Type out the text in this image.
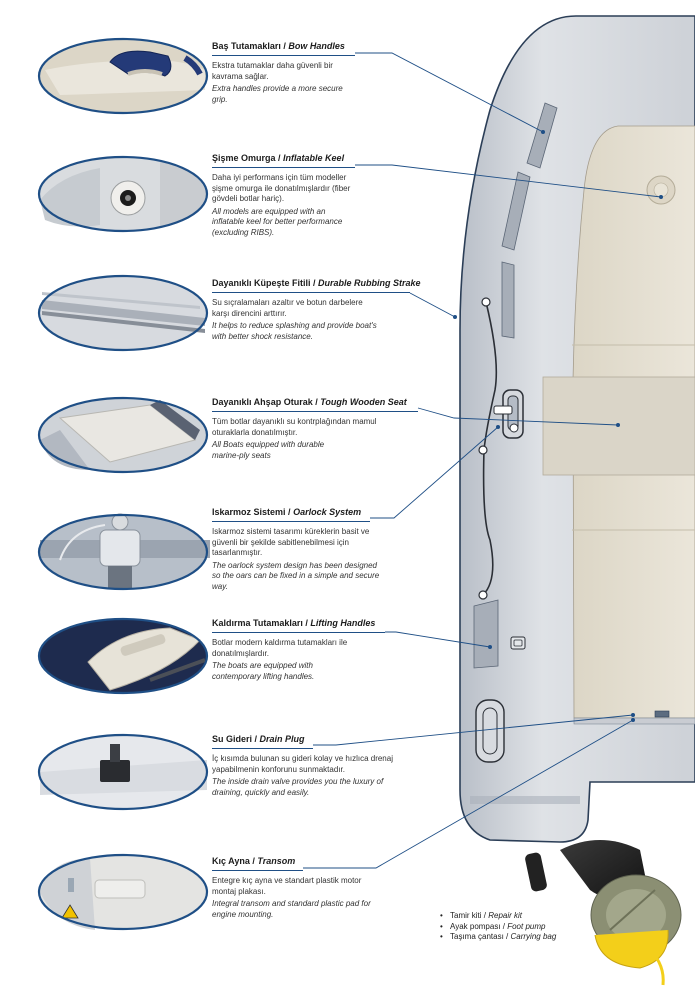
Baş Tutamakları / Bow Handles

Ekstra tutamaklar daha güvenli bir kavrama sağlar.

Extra handles provide a more secure grip.

Şişme Omurga / Inflatable Keel

Daha iyi performans için tüm modeller şişme omurga ile donatılmışlardır (fiber gövdeli botlar hariç).

All models are equipped with an inflatable keel for better performance (excluding RIBS).

Dayanıklı Küpeşte Fitili / Durable Rubbing Strake

Su sıçralamaları azaltır ve botun darbelere karşı direncini arttırır.

It helps to reduce splashing and provide boat's with better shock resistance.

Dayanıklı Ahşap Oturak / Tough Wooden Seat

Tüm botlar dayanıklı su kontrplağından mamul oturaklarla donatılmıştır.

All Boats equipped with durable marine-ply seats

Iskarmoz Sistemi / Oarlock System

Iskarmoz sistemi tasarımı küreklerin basit ve güvenli bir şekilde sabitlenebilmesi için tasarlanmıştır.

The oarlock system design has been designed so the oars can be fixed in a simple and secure way.

Kaldırma Tutamakları / Lifting Handles

Botlar modern kaldırma tutamakları ile donatılmışlardır.

The boats are equipped with contemporary lifting handles.

Su Gideri / Drain Plug

İç kısımda bulunan su gideri kolay ve hızlıca drenaj yapabilmenin konforunu sunmaktadır.

The inside drain valve provides you the luxury of draining, quickly and easily.

Kıç Ayna / Transom

Entegre kıç ayna ve standart plastik motor montaj plakası.

Integral transom and standard plastic pad for engine mounting.	• Tamir kiti / Repair kit
• Ayak pompası / Foot pump
• Taşıma çantası / Carrying bag
